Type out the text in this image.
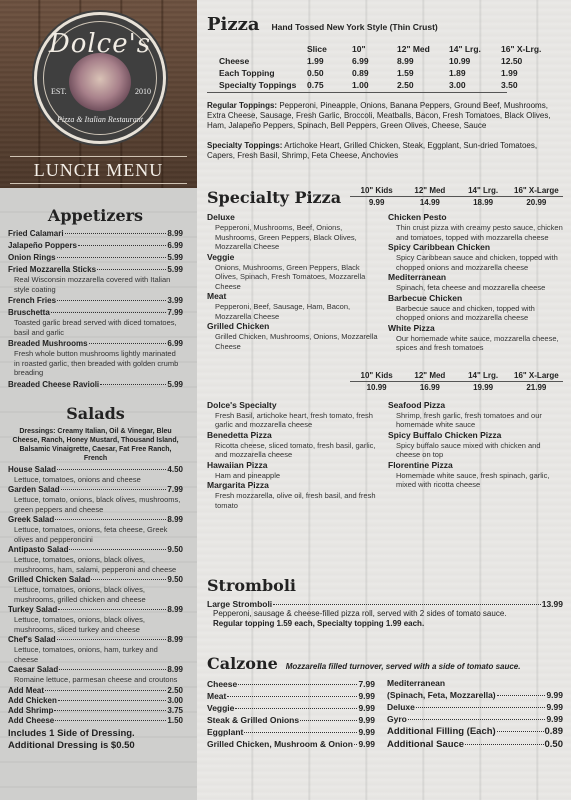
Dolce's
EST.	2010
Pizza & Italian Restaurant
LUNCH MENU
Appetizers
Fried Calamari	8.99
Jalapeño Poppers	6.99
Onion Rings	5.99
Fried Mozzarella Sticks	5.99
Real Wisconsin mozzarella covered with Italian style coating
French Fries	3.99
Bruschetta	7.99
Toasted garlic bread served with diced tomatoes, basil and garlic
Breaded Mushrooms	6.99
Fresh whole button mushrooms lightly marinated in roasted garlic, then breaded with golden crumb breading
Breaded Cheese Ravioli	5.99
Salads
Dressings: Creamy Italian, Oil & Vinegar, Bleu Cheese, Ranch, Honey Mustard, Thousand Island, Balsamic Vinaigrette, Caesar, Fat Free Ranch, French
House Salad	4.50
Lettuce, tomatoes, onions and cheese
Garden Salad	7.99
Lettuce, tomato, onions, black olives, mushrooms, green peppers and cheese
Greek Salad	8.99
Lettuce, tomatoes, onions, feta cheese, Greek olives and pepperoncini
Antipasto Salad	9.50
Lettuce, tomatoes, onions, black olives, mushrooms, ham, salami, pepperoni and cheese
Grilled Chicken Salad	9.50
Lettuce, tomatoes, onions, black olives, mushrooms, grilled chicken and cheese
Turkey Salad	8.99
Lettuce, tomatoes, onions, black olives, mushrooms, sliced turkey and cheese
Chef's Salad	8.99
Lettuce, tomatoes, onions, ham, turkey and cheese
Caesar Salad	8.99
Romaine lettuce, parmesan cheese and croutons
Add Meat	2.50
Add Chicken	3.00
Add Shrimp	3.75
Add Cheese	1.50
Includes 1 Side of Dressing.
Additional Dressing is $0.50
Pizza Hand Tossed New York Style (Thin Crust)
	Slice	10"	12" Med	14" Lrg.	16" X-Lrg.
Cheese	1.99	6.99	8.99	10.99	12.50
Each Topping	0.50	0.89	1.59	1.89	1.99
Specialty Toppings	0.75	1.00	2.50	3.00	3.50
Regular Toppings: Pepperoni, Pineapple, Onions, Banana Peppers, Ground Beef, Mushrooms, Extra Cheese, Sausage, Fresh Garlic, Broccoli, Meatballs, Bacon, Fresh Tomatoes, Black Olives, Ham, Jalapeño Peppers, Spinach, Bell Peppers, Green Olives, Cheese, Sauce
Specialty Toppings: Artichoke Heart, Grilled Chicken, Steak, Eggplant, Sun-dried Tomatoes, Capers, Fresh Basil, Shrimp, Feta Cheese, Anchovies
Specialty Pizza	10" Kids	12" Med	14" Lrg.	16" X-Large
9.99	14.99	18.99	20.99
Deluxe
Pepperoni, Mushrooms, Beef, Onions, Mushrooms, Green Peppers, Black Olives, Mozzarella Cheese
Veggie
Onions, Mushrooms, Green Peppers, Black Olives, Spinach, Fresh Tomatoes, Mozzarella Cheese
Meat
Pepperoni, Beef, Sausage, Ham, Bacon, Mozzarella Cheese
Grilled Chicken
Grilled Chicken, Mushrooms, Onions, Mozzarella Cheese
Chicken Pesto
Thin crust pizza with creamy pesto sauce, chicken and tomatoes, topped with mozzarella cheese
Spicy Caribbean Chicken
Spicy Caribbean sauce and chicken, topped with chopped onions and mozzarella cheese
Mediterranean
Spinach, feta cheese and mozzarella cheese
Barbecue Chicken
Barbecue sauce and chicken, topped with chopped onions and mozzarella cheese
White Pizza
Our homemade white sauce, mozzarella cheese, spices and fresh tomatoes
10" Kids	12" Med	14" Lrg.	16" X-Large
10.99	16.99	19.99	21.99
Dolce's Specialty
Fresh Basil, artichoke heart, fresh tomato, fresh garlic and mozzarella cheese
Benedetta Pizza
Ricotta cheese, sliced tomato, fresh basil, garlic, and mozzarella cheese
Hawaiian Pizza
Ham and pineapple
Margarita Pizza
Fresh mozzarella, olive oil, fresh basil, and fresh tomato
Seafood Pizza
Shrimp, fresh garlic, fresh tomatoes and our homemade white sauce
Spicy Buffalo Chicken Pizza
Spicy buffalo sauce mixed with chicken and cheese on top
Florentine Pizza
Homemade white sauce, fresh spinach, garlic, mixed with ricotta cheese
Stromboli
Large Stromboli	13.99
Pepperoni, sausage & cheese-filled pizza roll, served with 2 sides of tomato sauce.
Regular topping 1.59 each, Specialty topping 1.99 each.
Calzone Mozzarella filled turnover, served with a side of tomato sauce.
Cheese	7.99
Meat	9.99
Veggie	9.99
Steak & Grilled Onions	9.99
Eggplant	9.99
Grilled Chicken, Mushroom & Onion 9.99
Mediterranean
(Spinach, Feta, Mozzarella)	9.99
Deluxe	9.99
Gyro	9.99
Additional Filling (Each)	0.89
Additional Sauce	0.50
